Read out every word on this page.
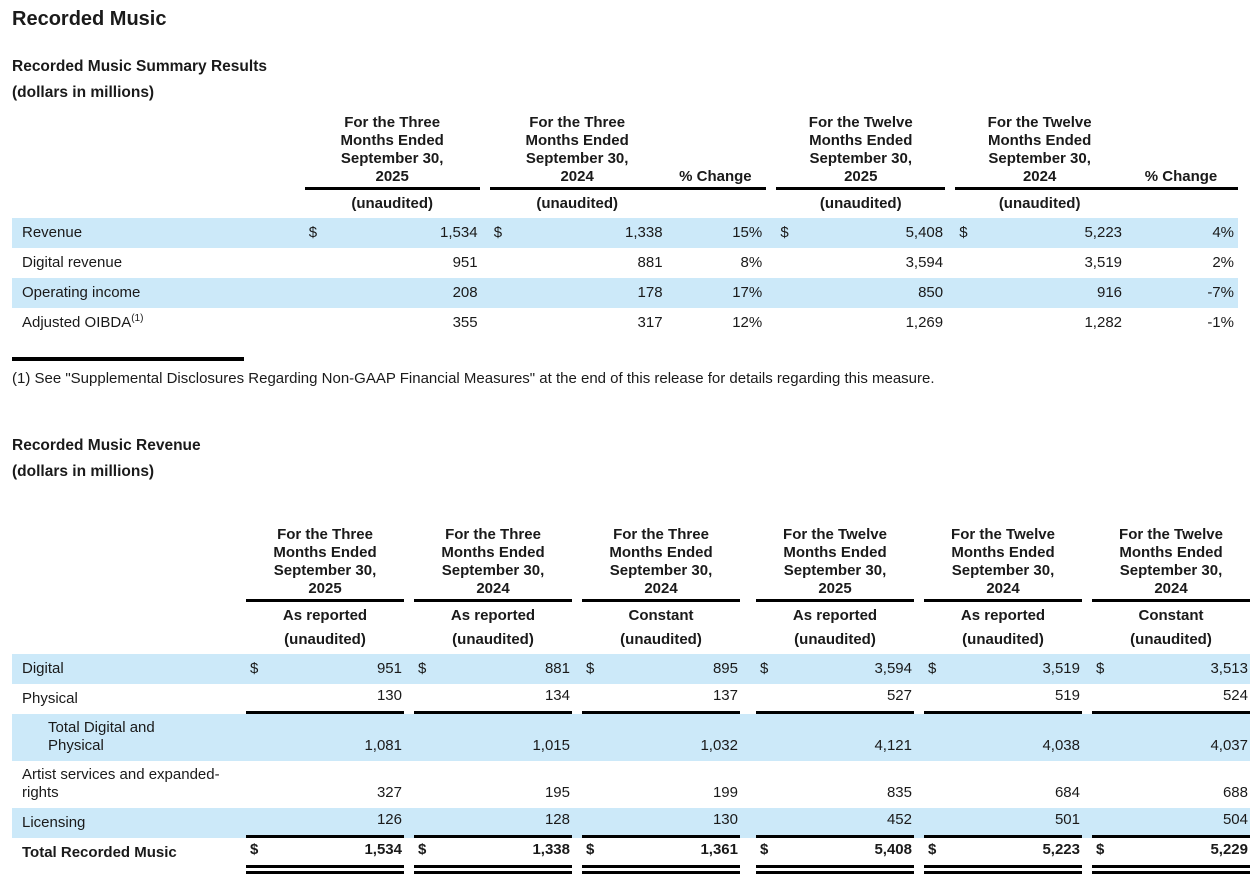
Recorded Music

Recorded Music Summary Results

(dollars in millions)

	For the Three Months Ended September 30, 2025			For the Three Months Ended September 30, 2024		% Change		For the Twelve Months Ended September 30, 2025			For the Twelve Months Ended September 30, 2024		% Change
	(unaudited)			(unaudited)				(unaudited)			(unaudited)		
Revenue	$	1,534		$	1,338	15%		$	5,408		$	5,223	4%
Digital revenue		951			881	8%			3,594			3,519	2%
Operating income		208			178	17%			850			916	-7%
Adjusted OIBDA$^{(1)}$		355			317	12%			1,269			1,282	-1%

(1) See "Supplemental Disclosures Regarding Non-GAAP Financial Measures" at the end of this release for details regarding this measure.

Recorded Music Revenue

(dollars in millions)

	For the Three Months Ended September 30, 2025			For the Three Months Ended September 30, 2024			For the Three Months Ended September 30, 2024			For the Twelve Months Ended September 30, 2025			For the Twelve Months Ended September 30, 2024			For the Twelve Months Ended September 30, 2024	

	As reported			As reported			Constant			As reported			As reported			Constant	
	(unaudited)			(unaudited)			(unaudited)			(unaudited)			(unaudited)			(unaudited)	
Digital	$	951		$	881		$	895		$	3,594		$	3,519		$	3,513
Physical		130			134			137			527			519			524

Total Digital and Physical		1,081			1,015			1,032			4,121			4,038			4,037
Artist services and expanded-rights		327			195			199			835			684			688
Licensing		126			128			130			452			501			504
Total Recorded Music	$	1,534		$	1,338		$	1,361		$	5,408		$	5,223		$	5,229
